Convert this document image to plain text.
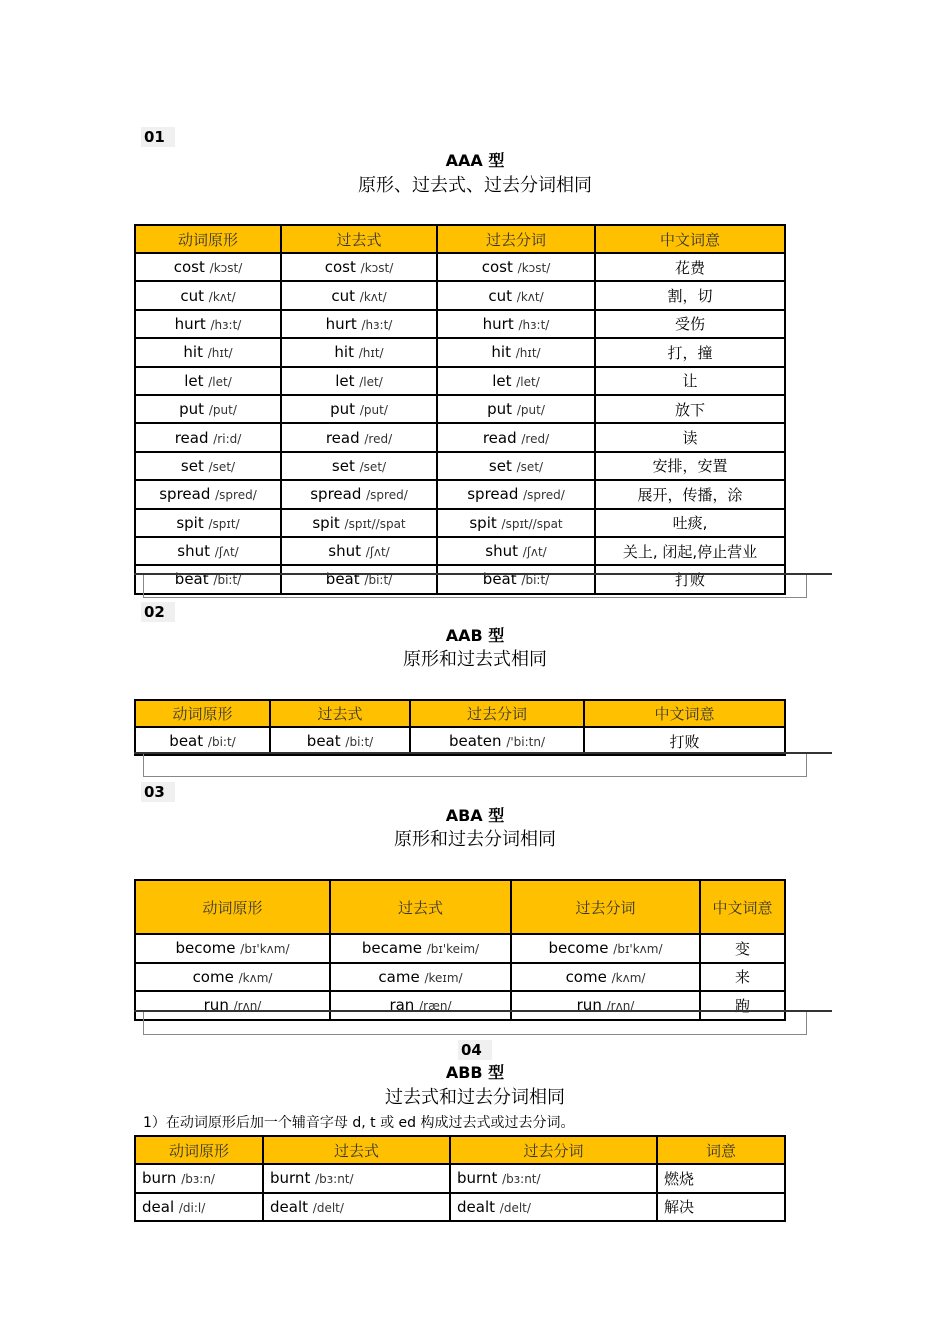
01
AAA 型
原形、过去式、过去分词相同
动词原形	过去式	过去分词	中文词意
cost /kɔst/	cost /kɔst/	cost /kɔst/	花费
cut /kʌt/	cut /kʌt/	cut /kʌt/	割，切
hurt /hɜ:t/	hurt /hɜ:t/	hurt /hɜ:t/	受伤
hit /hɪt/	hit /hɪt/	hit /hɪt/	打，撞
let /let/	let /let/	let /let/	让
put /put/	put /put/	put /put/	放下
read /ri:d/	read /red/	read /red/	读
set /set/	set /set/	set /set/	安排，安置
spread /spred/	spread /spred/	spread /spred/	展开，传播，涂
spit /spɪt/	spit /spɪt//spat	spit /spɪt//spat	吐痰,
shut /ʃʌt/	shut /ʃʌt/	shut /ʃʌt/	关上, 闭起,停止营业
beat /bi:t/	beat /bi:t/	beat /bi:t/	打败
02
AAB 型
原形和过去式相同
动词原形	过去式	过去分词	中文词意
beat /bi:t/	beat /bi:t/	beaten /'bi:tn/	打败
03
ABA 型
原形和过去分词相同
动词原形	过去式	过去分词	中文词意
become /bɪ'kʌm/	became /bɪ'keim/	become /bɪ'kʌm/	变
come /kʌm/	came /keɪm/	come /kʌm/	来
run /rʌn/	ran /ræn/	run /rʌn/	跑
04
ABB 型
过去式和过去分词相同
1）在动词原形后加一个辅音字母 d, t 或 ed 构成过去式或过去分词。
动词原形	过去式	过去分词	词意
burn /bɜ:n/	burnt /bɜ:nt/	burnt /bɜ:nt/	燃烧
deal /di:l/	dealt /delt/	dealt /delt/	解决
